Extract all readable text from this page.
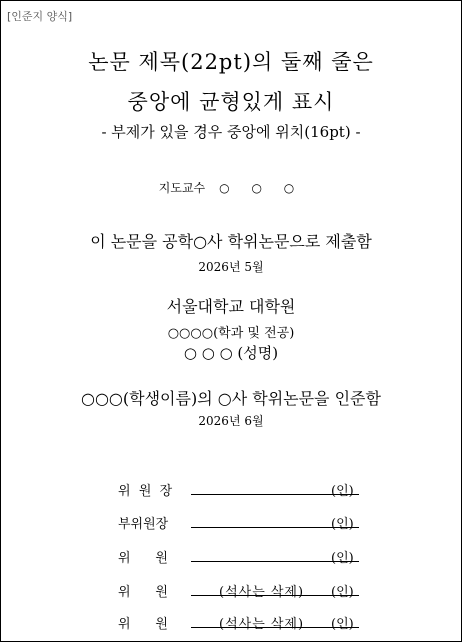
[인준지 양식]
논문 제목(22pt)의 둘째 줄은
중앙에 균형있게 표시
- 부제가 있을 경우 중앙에 위치(16pt) -
지도교수 ○ ○ ○
이 논문을 공학○사 학위논문으로 제출함
2026년 5월
서울대학교 대학원
○○○○(학과 및 전공)
○ ○ ○ (성명)
○○○(학생이름)의 ○사 학위논문을 인준함
2026년 6월
위  원  장	(인)
부위원장	(인)
위      원	(인)
위      원	(석사는 삭제) (인)
위      원	(석사는 삭제) (인)
